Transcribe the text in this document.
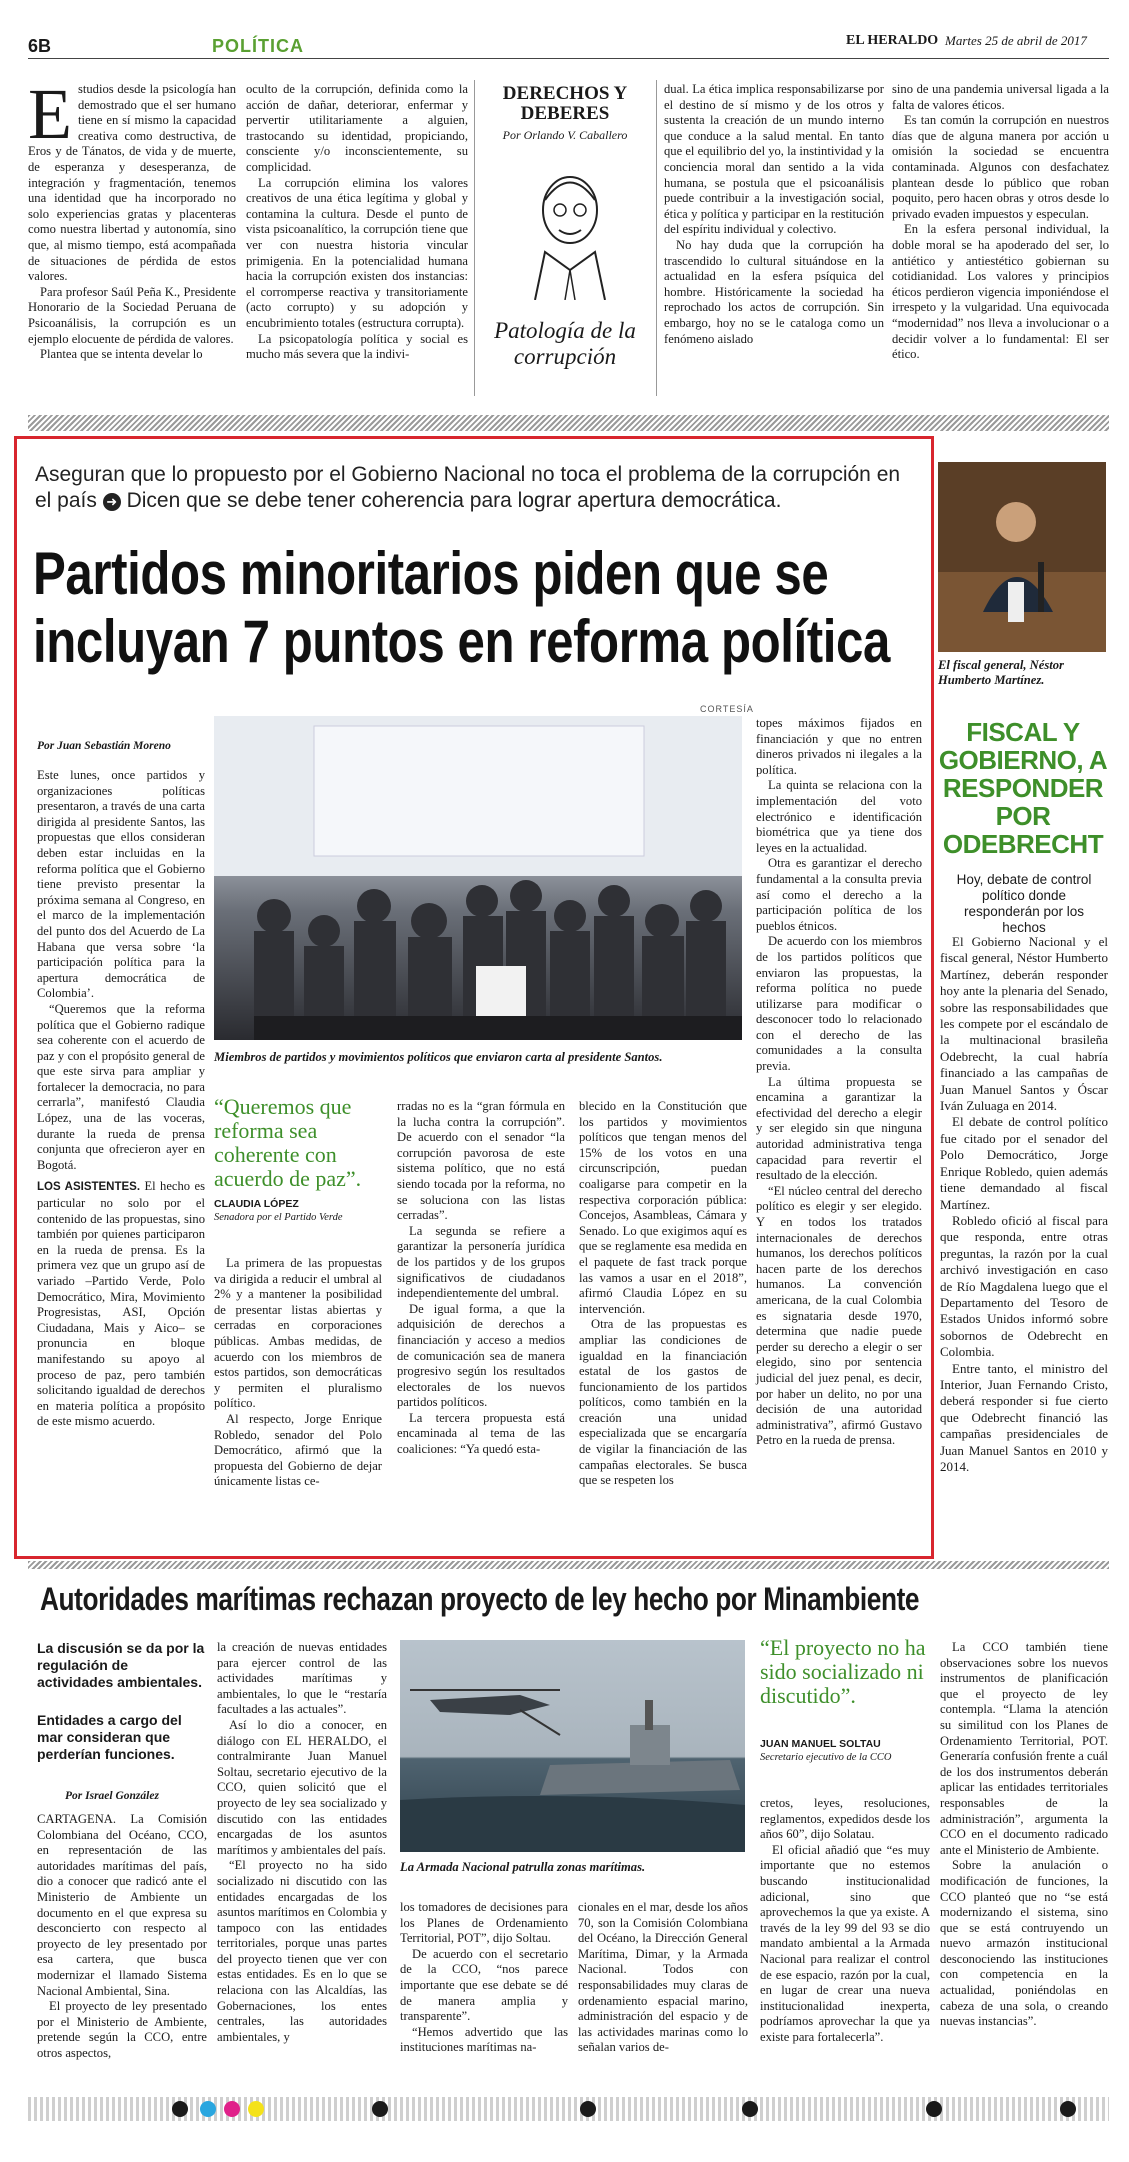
6B	POLÍTICA	EL HERALDO Martes 25 de abril de 2017
E studios desde la psicología han demostrado que el ser humano tiene en sí mismo la capacidad creativa como destructiva, de Eros y de Tánatos, de vida y de muerte, de esperanza y desesperanza, de integración y fragmentación, tenemos una identidad que ha incorporado no solo experiencias gratas y placenteras como nuestra libertad y autonomía, sino que, al mismo tiempo, está acompañada de situaciones de pérdida de estos valores.

Para profesor Saúl Peña K., Presidente Honorario de la Sociedad Peruana de Psicoanálisis, la corrupción es un ejemplo elocuente de pérdida de valores.

Plantea que se intenta develar lo

oculto de la corrupción, definida como la acción de dañar, deteriorar, enfermar y pervertir utilitariamente a alguien, trastocando su identidad, propiciando, consciente y/o inconscientemente, su complicidad.

La corrupción elimina los valores creativos de una ética legítima y global y contamina la cultura. Desde el punto de vista psicoanalítico, la corrupción tiene que ver con nuestra historia vincular primigenia. En la potencialidad humana hacia la corrupción existen dos instancias: el corromperse reactiva y transitoriamente (acto corrupto) y su adopción y encubrimiento totales (estructura corrupta).

La psicopatología política y social es mucho más severa que la indivi-

DERECHOS Y DEBERES
Por Orlando V. Caballero
Patología de la corrupción

dual. La ética implica responsabilizarse por el destino de sí mismo y de los otros y sustenta la creación de un mundo interno que conduce a la salud mental. En tanto que el equilibrio del yo, la instintividad y la conciencia moral dan sentido a la vida humana, se postula que el psicoanálisis puede contribuir a la investigación social, ética y política y participar en la restitución del espíritu individual y colectivo.

No hay duda que la corrupción ha trascendido lo cultural situándose en la actualidad en la esfera psíquica del hombre. Históricamente la sociedad ha reprochado los actos de corrupción. Sin embargo, hoy no se le cataloga como un fenómeno aislado

sino de una pandemia universal ligada a la falta de valores éticos.

Es tan común la corrupción en nuestros días que de alguna manera por acción u omisión la sociedad se encuentra contaminada. Algunos con desfachatez plantean desde lo público que roban poquito, pero hacen obras y otros desde lo privado evaden impuestos y especulan.

En la esfera personal individual, la doble moral se ha apoderado del ser, lo antiético y antiestético gobiernan su cotidianidad. Los valores y principios éticos perdieron vigencia imponiéndose el irrespeto y la vulgaridad. Una equivocada “modernidad” nos lleva a involucionar o a decidir volver a lo fundamental: El ser ético.

Aseguran que lo propuesto por el Gobierno Nacional no toca el problema de la corrupción en el país ➜ Dicen que se debe tener coherencia para lograr apertura democrática.
Partidos minoritarios piden que se incluyan 7 puntos en reforma política
CORTESÍA
Miembros de partidos y movimientos políticos que enviaron carta al presidente Santos.
Por Juan Sebastián Moreno

Este lunes, once partidos y organizaciones políticas presentaron, a través de una carta dirigida al presidente Santos, las propuestas que ellos consideran deben estar incluidas en la reforma política que el Gobierno tiene previsto presentar la próxima semana al Congreso, en el marco de la implementación del punto dos del Acuerdo de La Habana que versa sobre ‘la participación política para la apertura democrática de Colombia’.

“Queremos que la reforma política que el Gobierno radique sea coherente con el acuerdo de paz y con el propósito general de que este sirva para ampliar y fortalecer la democracia, no para cerrarla”, manifestó Claudia López, una de las voceras, durante la rueda de prensa conjunta que ofrecieron ayer en Bogotá.

LOS ASISTENTES. El hecho es particular no solo por el contenido de las propuestas, sino también por quienes participaron en la rueda de prensa. Es la primera vez que un grupo así de variado –Partido Verde, Polo Democrático, Mira, Movimiento Progresistas, ASI, Opción Ciudadana, Mais y Aico– se pronuncia en bloque manifestando su apoyo al proceso de paz, pero también solicitando igualdad de derechos en materia política a propósito de este mismo acuerdo.

“Queremos que reforma sea coherente con acuerdo de paz”.
CLAUDIA LÓPEZ
Senadora por el Partido Verde

La primera de las propuestas va dirigida a reducir el umbral al 2% y a mantener la posibilidad de presentar listas abiertas y cerradas en corporaciones públicas. Ambas medidas, de acuerdo con los miembros de estos partidos, son democráticas y permiten el pluralismo político.

Al respecto, Jorge Enrique Robledo, senador del Polo Democrático, afirmó que la propuesta del Gobierno de dejar únicamente listas ce-

rradas no es la “gran fórmula en la lucha contra la corrupción”. De acuerdo con el senador “la corrupción pavorosa de este sistema político, que no está siendo tocada por la reforma, no se soluciona con las listas cerradas”.

La segunda se refiere a garantizar la personería jurídica de los partidos y de los grupos significativos de ciudadanos independientemente del umbral.

De igual forma, a que la adquisición de derechos a financiación y acceso a medios de comunicación sea de manera progresivo según los resultados electorales de los nuevos partidos políticos.

La tercera propuesta está encaminada al tema de las coaliciones: “Ya quedó esta-

blecido en la Constitución que los partidos y movimientos políticos que tengan menos del 15% de los votos en una circunscripción, puedan coaligarse para competir en la respectiva corporación pública: Concejos, Asambleas, Cámara y Senado. Lo que exigimos aquí es que se reglamente esa medida en el paquete de fast track porque las vamos a usar en el 2018”, afirmó Claudia López en su intervención.

Otra de las propuestas es ampliar las condiciones de igualdad en la financiación estatal de los gastos de funcionamiento de los partidos políticos, como también en la creación una unidad especializada que se encargaría de vigilar la financiación de las campañas electorales. Se busca que se respeten los

topes máximos fijados en financiación y que no entren dineros privados ni ilegales a la política.

La quinta se relaciona con la implementación del voto electrónico e identificación biométrica que ya tiene dos leyes en la actualidad.

Otra es garantizar el derecho fundamental a la consulta previa así como el derecho a la participación política de los pueblos étnicos.

De acuerdo con los miembros de los partidos políticos que enviaron las propuestas, la reforma política no puede utilizarse para modificar o desconocer todo lo relacionado con el derecho de las comunidades a la consulta previa.

La última propuesta se encamina a garantizar la efectividad del derecho a elegir y ser elegido sin que ninguna autoridad administrativa tenga capacidad para revertir el resultado de la elección.

“El núcleo central del derecho político es elegir y ser elegido. Y en todos los tratados internacionales de derechos humanos, los derechos políticos hacen parte de los derechos humanos. La convención americana, de la cual Colombia es signataria desde 1970, determina que nadie puede perder su derecho a elegir o ser elegido, sino por sentencia judicial del juez penal, es decir, por haber un delito, no por una decisión de una autoridad administrativa”, afirmó Gustavo Petro en la rueda de prensa.

El fiscal general, Néstor Humberto Martínez.
FISCAL Y GOBIERNO, A RESPONDER POR ODEBRECHT
Hoy, debate de control político donde responderán por los hechos

El Gobierno Nacional y el fiscal general, Néstor Humberto Martínez, deberán responder hoy ante la plenaria del Senado, sobre las responsabilidades que les compete por el escándalo de la multinacional brasileña Odebrecht, la cual habría financiado a las campañas de Juan Manuel Santos y Óscar Iván Zuluaga en 2014.

El debate de control político fue citado por el senador del Polo Democrático, Jorge Enrique Robledo, quien además tiene demandado al fiscal Martínez.

Robledo ofició al fiscal para que responda, entre otras preguntas, la razón por la cual archivó investigación en caso de Río Magdalena luego que el Departamento del Tesoro de Estados Unidos informó sobre sobornos de Odebrecht en Colombia.

Entre tanto, el ministro del Interior, Juan Fernando Cristo, deberá responder si fue cierto que Odebrecht financió las campañas presidenciales de Juan Manuel Santos en 2010 y 2014.

Autoridades marítimas rechazan proyecto de ley hecho por Minambiente
La discusión se da por la regulación de actividades ambientales.
Entidades a cargo del mar consideran que perderían funciones.
Por Israel González

CARTAGENA. La Comisión Colombiana del Océano, CCO, en representación de las autoridades marítimas del país, dio a conocer que radicó ante el Ministerio de Ambiente un documento en el que expresa su desconcierto con respecto al proyecto de ley presentado por esa cartera, que busca modernizar el llamado Sistema Nacional Ambiental, Sina.

El proyecto de ley presentado por el Ministerio de Ambiente, pretende según la CCO, entre otros aspectos,

la creación de nuevas entidades para ejercer control de las actividades marítimas y ambientales, lo que le “restaría facultades a las actuales”.

Así lo dio a conocer, en diálogo con EL HERALDO, el contralmirante Juan Manuel Soltau, secretario ejecutivo de la CCO, quien solicitó que el proyecto de ley sea socializado y discutido con las entidades encargadas de los asuntos marítimos y ambientales del país.

“El proyecto no ha sido socializado ni discutido con las entidades encargadas de los asuntos marítimos en Colombia y tampoco con las entidades territoriales, porque unas partes del proyecto tienen que ver con estas entidades. Es en lo que se relaciona con las Alcaldías, las Gobernaciones, los entes centrales, las autoridades ambientales, y

La Armada Nacional patrulla zonas marítimas.

los tomadores de decisiones para los Planes de Ordenamiento Territorial, POT”, dijo Soltau.

De acuerdo con el secretario de la CCO, “nos parece importante que ese debate se dé de manera amplia y transparente”.

“Hemos advertido que las instituciones marítimas na-

cionales en el mar, desde los años 70, son la Comisión Colombiana del Océano, la Dirección General Marítima, Dimar, y la Armada Nacional. Todos con responsabilidades muy claras de ordenamiento espacial marino, administración del espacio y de las actividades marinas como lo señalan varios de-

“El proyecto no ha sido socializado ni discutido”.
JUAN MANUEL SOLTAU
Secretario ejecutivo de la CCO

cretos, leyes, resoluciones, reglamentos, expedidos desde los años 60”, dijo Solatau.

El oficial añadió que “es muy importante que no estemos buscando institucionalidad adicional, sino que aprovechemos la que ya existe. A través de la ley 99 del 93 se dio mandato ambiental a la Armada Nacional para realizar el control de ese espacio, razón por la cual, en lugar de crear una nueva institucionalidad inexperta, podríamos aprovechar la que ya existe para fortalecerla”.

La CCO también tiene observaciones sobre los nuevos instrumentos de planificación que el proyecto de ley contempla. “Llama la atención su similitud con los Planes de Ordenamiento Territorial, POT. Generaría confusión frente a cuál de los dos instrumentos deberán aplicar las entidades territoriales responsables de la administración”, argumenta la CCO en el documento radicado ante el Ministerio de Ambiente.

Sobre la anulación o modificación de funciones, la CCO planteó que no “se está modernizando el sistema, sino que se está contruyendo un nuevo armazón institucional desconociendo las instituciones con competencia en la actualidad, poniéndolas en cabeza de una sola, o creando nuevas instancias”.
